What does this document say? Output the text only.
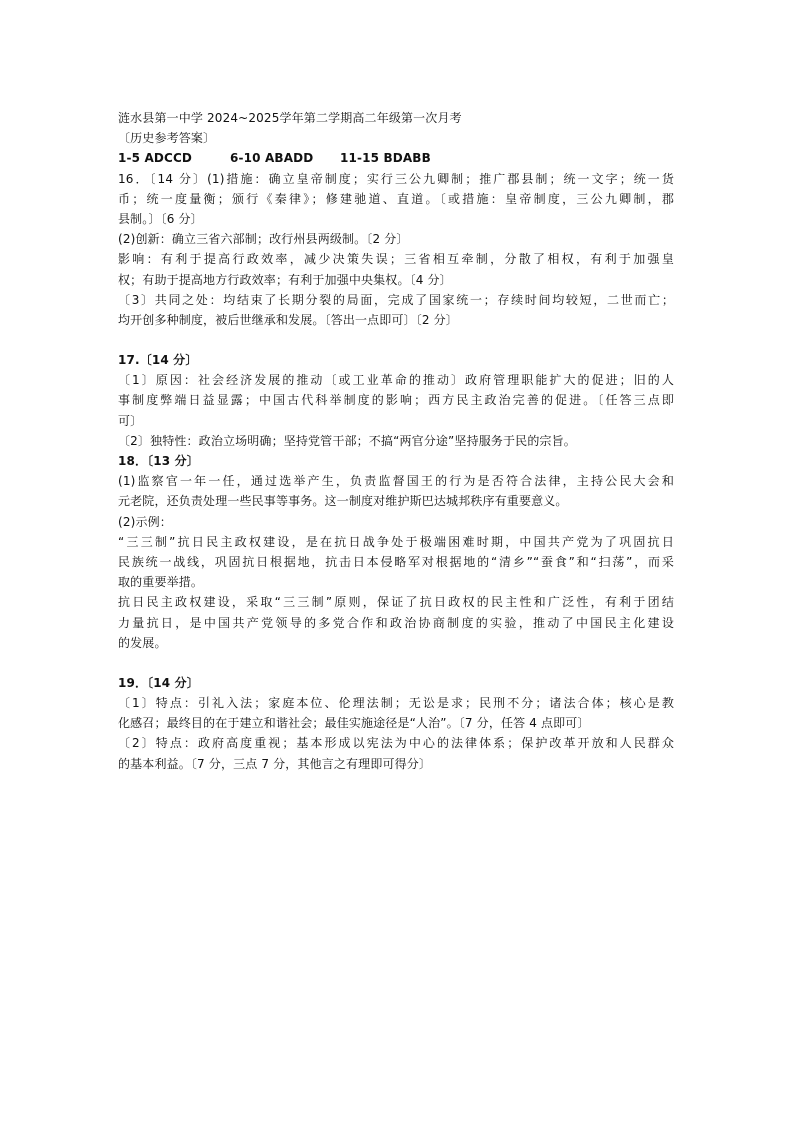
涟水县第一中学 2024~2025学年第二学期高二年级第一次月考
〔历史参考答案〕
1-5 ADCCD	6-10 ABADD 11-15 BDABB
16．〔14 分〕(1)措施：确立皇帝制度；实行三公九卿制；推广郡县制；统一文字；统一货
币；统一度量衡；颁行《秦律》；修建驰道、直道。〔或措施：皇帝制度，三公九卿制，郡
县制。〕〔6 分〕
(2)创新：确立三省六部制；改行州县两级制。〔2 分〕
影响：有利于提高行政效率，减少决策失误；三省相互牵制，分散了相权，有利于加强皇
权；有助于提高地方行政效率；有利于加强中央集权。〔4 分〕
〔3〕共同之处：均结束了长期分裂的局面，完成了国家统一；存续时间均较短，二世而亡；
均开创多种制度，被后世继承和发展。〔答出一点即可〕〔2 分〕
17.〔14 分〕
〔1〕原因：社会经济发展的推动〔或工业革命的推动〕政府管理职能扩大的促进；旧的人
事制度弊端日益显露；中国古代科举制度的影响；西方民主政治完善的促进。〔任答三点即
可〕
〔2〕独特性：政治立场明确；坚持党管干部；不搞“两官分途”坚持服务于民的宗旨。
18．〔13 分〕
(1)监察官一年一任，通过选举产生，负责监督国王的行为是否符合法律，主持公民大会和
元老院，还负责处理一些民事等事务。这一制度对维护斯巴达城邦秩序有重要意义。
(2)示例：
“三三制”抗日民主政权建设，是在抗日战争处于极端困难时期，中国共产党为了巩固抗日
民族统一战线，巩固抗日根据地，抗击日本侵略军对根据地的“清乡”“蚕食”和“扫荡”，而采
取的重要举措。
抗日民主政权建设，采取“三三制”原则，保证了抗日政权的民主性和广泛性，有利于团结
力量抗日，是中国共产党领导的多党合作和政治协商制度的实验，推动了中国民主化建设
的发展。
19．〔14 分〕
〔1〕特点：引礼入法；家庭本位、伦理法制；无讼是求；民刑不分；诸法合体；核心是教
化感召；最终目的在于建立和谐社会；最佳实施途径是“人治”。〔7 分，任答 4 点即可〕
〔2〕特点：政府高度重视；基本形成以宪法为中心的法律体系；保护改革开放和人民群众
的基本利益。〔7 分，三点 7 分，其他言之有理即可得分〕
